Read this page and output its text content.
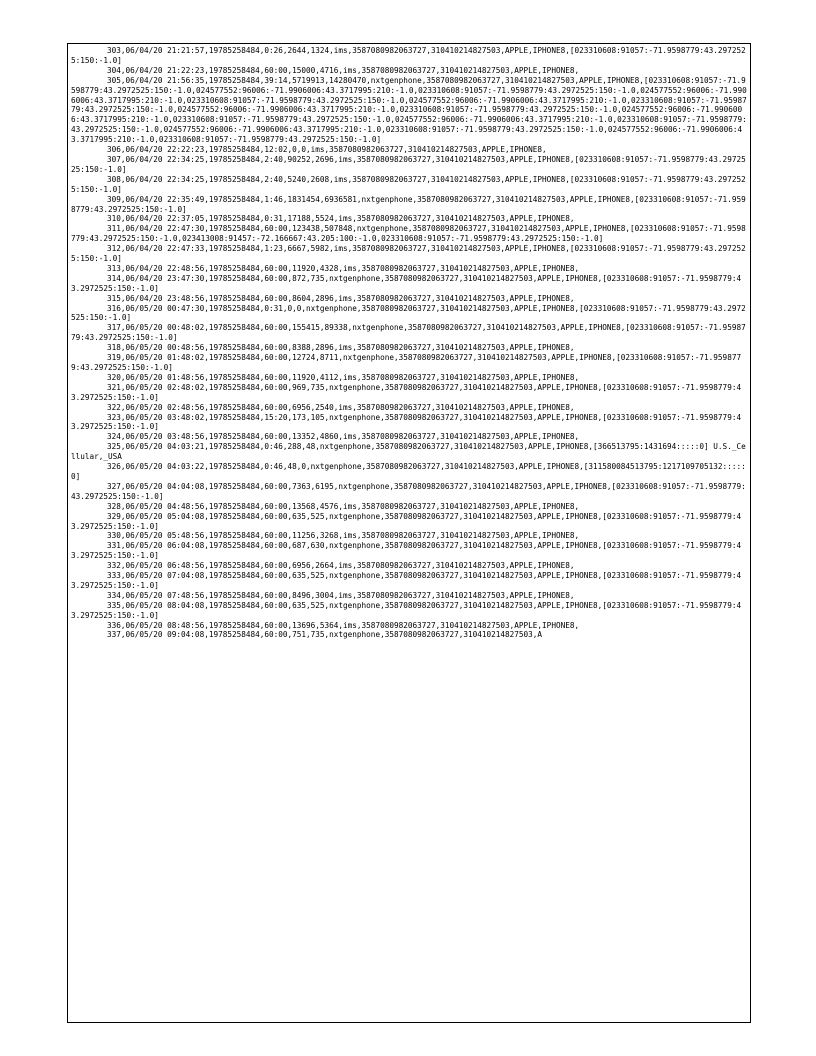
303,06/04/20 21:21:57,19785258484,0:26,2644,1324,ims,3587080982063727,310410214827503,APPLE,IPHONE8,[023310608:91057:-71.9598779:43.2972525:150:-1.0]

304,06/04/20 21:22:23,19785258484,60:00,15000,4716,ims,3587080982063727,310410214827503,APPLE,IPHONE8,

305,06/04/20 21:56:35,19785258484,39:14,5719913,14280470,nxtgenphone,3587080982063727,310410214827503,APPLE,IPHONE8,[023310608:91057:-71.9598779:43.2972525:150:-1.0,024577552:96006:-71.9906006:43.3717995:210:-1.0,023310608:91057:-71.9598779:43.2972525:150:-1.0,024577552:96006:-71.9906006:43.3717995:210:-1.0,023310608:91057:-71.9598779:43.2972525:150:-1.0,024577552:96006:-71.9906006:43.3717995:210:-1.0,023310608:91057:-71.9598779:43.2972525:150:-1.0,024577552:96006:-71.9906006:43.3717995:210:-1.0,023310608:91057:-71.9598779:43.2972525:150:-1.0,024577552:96006:-71.9906006:43.3717995:210:-1.0,023310608:91057:-71.9598779:43.2972525:150:-1.0,024577552:96006:-71.9906006:43.3717995:210:-1.0,023310608:91057:-71.9598779:43.2972525:150:-1.0,024577552:96006:-71.9906006:43.3717995:210:-1.0,023310608:91057:-71.9598779:43.2972525:150:-1.0,024577552:96006:-71.9906006:43.3717995:210:-1.0,023310608:91057:-71.9598779:43.2972525:150:-1.0]

306,06/04/20 22:22:23,19785258484,12:02,0,0,ims,3587080982063727,310410214827503,APPLE,IPHONE8,

307,06/04/20 22:34:25,19785258484,2:40,90252,2696,ims,3587080982063727,310410214827503,APPLE,IPHONE8,[023310608:91057:-71.9598779:43.2972525:150:-1.0]

308,06/04/20 22:34:25,19785258484,2:40,5240,2608,ims,3587080982063727,310410214827503,APPLE,IPHONE8,[023310608:91057:-71.9598779:43.2972525:150:-1.0]

309,06/04/20 22:35:49,19785258484,1:46,1831454,6936581,nxtgenphone,3587080982063727,310410214827503,APPLE,IPHONE8,[023310608:91057:-71.9598779:43.2972525:150:-1.0]

310,06/04/20 22:37:05,19785258484,0:31,17188,5524,ims,3587080982063727,310410214827503,APPLE,IPHONE8,

311,06/04/20 22:47:30,19785258484,60:00,123438,507848,nxtgenphone,3587080982063727,310410214827503,APPLE,IPHONE8,[023310608:91057:-71.9598779:43.2972525:150:-1.0,023413008:91457:-72.166667:43.205:100:-1.0,023310608:91057:-71.9598779:43.2972525:150:-1.0]

312,06/04/20 22:47:33,19785258484,1:23,6667,5982,ims,3587080982063727,310410214827503,APPLE,IPHONE8,[023310608:91057:-71.9598779:43.2972525:150:-1.0]

313,06/04/20 22:48:56,19785258484,60:00,11920,4328,ims,3587080982063727,310410214827503,APPLE,IPHONE8,

314,06/04/20 23:47:30,19785258484,60:00,872,735,nxtgenphone,3587080982063727,310410214827503,APPLE,IPHONE8,[023310608:91057:-71.9598779:43.2972525:150:-1.0]

315,06/04/20 23:48:56,19785258484,60:00,8604,2896,ims,3587080982063727,310410214827503,APPLE,IPHONE8,

316,06/05/20 00:47:30,19785258484,0:31,0,0,nxtgenphone,3587080982063727,310410214827503,APPLE,IPHONE8,[023310608:91057:-71.9598779:43.2972525:150:-1.0]

317,06/05/20 00:48:02,19785258484,60:00,155415,89338,nxtgenphone,3587080982063727,310410214827503,APPLE,IPHONE8,[023310608:91057:-71.9598779:43.2972525:150:-1.0]

318,06/05/20 00:48:56,19785258484,60:00,8388,2896,ims,3587080982063727,310410214827503,APPLE,IPHONE8,

319,06/05/20 01:48:02,19785258484,60:00,12724,8711,nxtgenphone,3587080982063727,310410214827503,APPLE,IPHONE8,[023310608:91057:-71.9598779:43.2972525:150:-1.0]

320,06/05/20 01:48:56,19785258484,60:00,11920,4112,ims,3587080982063727,310410214827503,APPLE,IPHONE8,

321,06/05/20 02:48:02,19785258484,60:00,969,735,nxtgenphone,3587080982063727,310410214827503,APPLE,IPHONE8,[023310608:91057:-71.9598779:43.2972525:150:-1.0]

322,06/05/20 02:48:56,19785258484,60:00,6956,2540,ims,3587080982063727,310410214827503,APPLE,IPHONE8,

323,06/05/20 03:48:02,19785258484,15:20,173,105,nxtgenphone,3587080982063727,310410214827503,APPLE,IPHONE8,[023310608:91057:-71.9598779:43.2972525:150:-1.0]

324,06/05/20 03:48:56,19785258484,60:00,13352,4860,ims,3587080982063727,310410214827503,APPLE,IPHONE8,

325,06/05/20 04:03:21,19785258484,0:46,288,48,nxtgenphone,3587080982063727,310410214827503,APPLE,IPHONE8,[366513795:1431694:::::0] U.S._Cellular,_USA

326,06/05/20 04:03:22,19785258484,0:46,48,0,nxtgenphone,3587080982063727,310410214827503,APPLE,IPHONE8,[311580084513795:1217109705132:::::0]

327,06/05/20 04:04:08,19785258484,60:00,7363,6195,nxtgenphone,3587080982063727,310410214827503,APPLE,IPHONE8,[023310608:91057:-71.9598779:43.2972525:150:-1.0]

328,06/05/20 04:48:56,19785258484,60:00,13568,4576,ims,3587080982063727,310410214827503,APPLE,IPHONE8,

329,06/05/20 05:04:08,19785258484,60:00,635,525,nxtgenphone,3587080982063727,310410214827503,APPLE,IPHONE8,[023310608:91057:-71.9598779:43.2972525:150:-1.0]

330,06/05/20 05:48:56,19785258484,60:00,11256,3268,ims,3587080982063727,310410214827503,APPLE,IPHONE8,

331,06/05/20 06:04:08,19785258484,60:00,687,630,nxtgenphone,3587080982063727,310410214827503,APPLE,IPHONE8,[023310608:91057:-71.9598779:43.2972525:150:-1.0]

332,06/05/20 06:48:56,19785258484,60:00,6956,2664,ims,3587080982063727,310410214827503,APPLE,IPHONE8,

333,06/05/20 07:04:08,19785258484,60:00,635,525,nxtgenphone,3587080982063727,310410214827503,APPLE,IPHONE8,[023310608:91057:-71.9598779:43.2972525:150:-1.0]

334,06/05/20 07:48:56,19785258484,60:00,8496,3004,ims,3587080982063727,310410214827503,APPLE,IPHONE8,

335,06/05/20 08:04:08,19785258484,60:00,635,525,nxtgenphone,3587080982063727,310410214827503,APPLE,IPHONE8,[023310608:91057:-71.9598779:43.2972525:150:-1.0]

336,06/05/20 08:48:56,19785258484,60:00,13696,5364,ims,3587080982063727,310410214827503,APPLE,IPHONE8,

337,06/05/20 09:04:08,19785258484,60:00,751,735,nxtgenphone,3587080982063727,310410214827503,A
